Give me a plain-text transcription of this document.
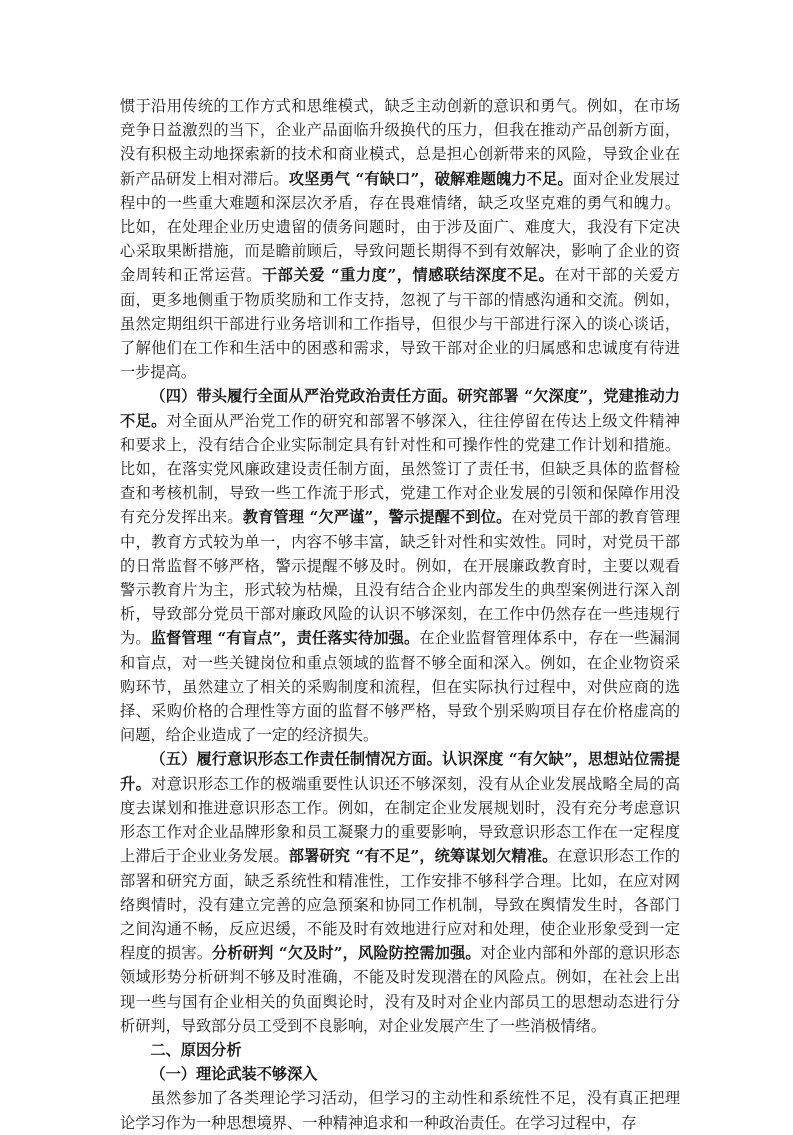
惯于沿用传统的工作方式和思维模式，缺乏主动创新的意识和勇气。例如，在市场竞争日益激烈的当下，企业产品面临升级换代的压力，但我在推动产品创新方面，没有积极主动地探索新的技术和商业模式，总是担心创新带来的风险，导致企业在新产品研发上相对滞后。攻坚勇气 “有缺口”，破解难题魄力不足。面对企业发展过程中的一些重大难题和深层次矛盾，存在畏难情绪，缺乏攻坚克难的勇气和魄力。比如，在处理企业历史遗留的债务问题时，由于涉及面广、难度大，我没有下定决心采取果断措施，而是瞻前顾后，导致问题长期得不到有效解决，影响了企业的资金周转和正常运营。干部关爱 “重力度”，情感联结深度不足。在对干部的关爱方面，更多地侧重于物质奖励和工作支持，忽视了与干部的情感沟通和交流。例如，虽然定期组织干部进行业务培训和工作指导，但很少与干部进行深入的谈心谈话，了解他们在工作和生活中的困惑和需求，导致干部对企业的归属感和忠诚度有待进一步提高。

（四）带头履行全面从严治党政治责任方面。研究部署 “欠深度”，党建推动力不足。对全面从严治党工作的研究和部署不够深入，往往停留在传达上级文件精神和要求上，没有结合企业实际制定具有针对性和可操作性的党建工作计划和措施。比如，在落实党风廉政建设责任制方面，虽然签订了责任书，但缺乏具体的监督检查和考核机制，导致一些工作流于形式，党建工作对企业发展的引领和保障作用没有充分发挥出来。教育管理 “欠严谨”，警示提醒不到位。在对党员干部的教育管理中，教育方式较为单一，内容不够丰富，缺乏针对性和实效性。同时，对党员干部的日常监督不够严格，警示提醒不够及时。例如，在开展廉政教育时，主要以观看警示教育片为主，形式较为枯燥，且没有结合企业内部发生的典型案例进行深入剖析，导致部分党员干部对廉政风险的认识不够深刻，在工作中仍然存在一些违规行为。监督管理 “有盲点”，责任落实待加强。在企业监督管理体系中，存在一些漏洞和盲点，对一些关键岗位和重点领域的监督不够全面和深入。例如，在企业物资采购环节，虽然建立了相关的采购制度和流程，但在实际执行过程中，对供应商的选择、采购价格的合理性等方面的监督不够严格，导致个别采购项目存在价格虚高的问题，给企业造成了一定的经济损失。

（五）履行意识形态工作责任制情况方面。认识深度 “有欠缺”，思想站位需提升。对意识形态工作的极端重要性认识还不够深刻，没有从企业发展战略全局的高度去谋划和推进意识形态工作。例如，在制定企业发展规划时，没有充分考虑意识形态工作对企业品牌形象和员工凝聚力的重要影响，导致意识形态工作在一定程度上滞后于企业业务发展。部署研究 “有不足”，统筹谋划欠精准。在意识形态工作的部署和研究方面，缺乏系统性和精准性，工作安排不够科学合理。比如，在应对网络舆情时，没有建立完善的应急预案和协同工作机制，导致在舆情发生时，各部门之间沟通不畅，反应迟缓，不能及时有效地进行应对和处理，使企业形象受到一定程度的损害。分析研判 “欠及时”，风险防控需加强。对企业内部和外部的意识形态领域形势分析研判不够及时准确，不能及时发现潜在的风险点。例如，在社会上出现一些与国有企业相关的负面舆论时，没有及时对企业内部员工的思想动态进行分析研判，导致部分员工受到不良影响，对企业发展产生了一些消极情绪。

二、原因分析

（一）理论武装不够深入

虽然参加了各类理论学习活动，但学习的主动性和系统性不足，没有真正把理论学习作为一种思想境界、一种精神追求和一种政治责任。在学习过程中，存
